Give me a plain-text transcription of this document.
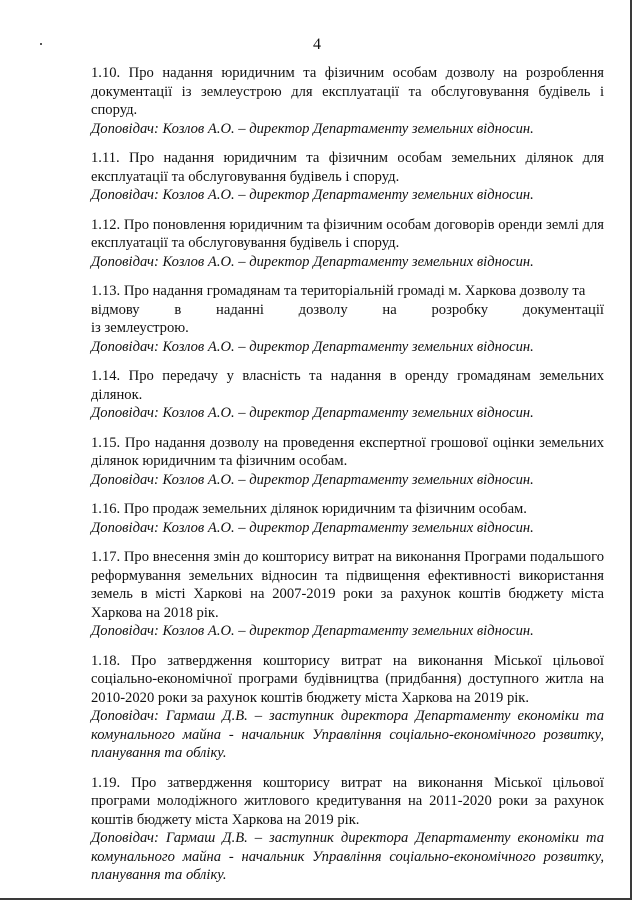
4

1.10. Про надання юридичним та фізичним особам дозволу на розроблення документації із землеустрою для експлуатації та обслуговування будівель і споруд.

Доповідач: Козлов А.О. – директор Департаменту земельних відносин.

1.11. Про надання юридичним та фізичним особам земельних ділянок для експлуатації та обслуговування будівель і споруд.

Доповідач: Козлов А.О. – директор Департаменту земельних відносин.

1.12. Про поновлення юридичним та фізичним особам договорів оренди землі для експлуатації та обслуговування будівель і споруд.

Доповідач: Козлов А.О. – директор Департаменту земельних відносин.

1.13. Про надання громадянам та територіальній громаді м. Харкова дозволу та

відмову в наданні дозволу на розробку документації

із землеустрою.

Доповідач: Козлов А.О. – директор Департаменту земельних відносин.

1.14. Про передачу у власність та надання в оренду громадянам земельних ділянок.

Доповідач: Козлов А.О. – директор Департаменту земельних відносин.

1.15. Про надання дозволу на проведення експертної грошової оцінки земельних ділянок юридичним та фізичним особам.

Доповідач: Козлов А.О. – директор Департаменту земельних відносин.

1.16. Про продаж земельних ділянок юридичним та фізичним особам.

Доповідач: Козлов А.О. – директор Департаменту земельних відносин.

1.17. Про внесення змін до кошторису витрат на виконання Програми подальшого реформування земельних відносин та підвищення ефективності використання земель в місті Харкові на 2007-2019 роки за рахунок коштів бюджету міста Харкова на 2018 рік.

Доповідач: Козлов А.О. – директор Департаменту земельних відносин.

1.18. Про затвердження кошторису витрат на виконання Міської цільової соціально-економічної програми будівництва (придбання) доступного житла на 2010-2020 роки за рахунок коштів бюджету міста Харкова на 2019 рік.

Доповідач: Гармаш Д.В. – заступник директора Департаменту економіки та комунального майна - начальник Управління соціально-економічного розвитку, планування та обліку.

1.19. Про затвердження кошторису витрат на виконання Міської цільової програми молодіжного житлового кредитування на 2011-2020 роки за рахунок коштів бюджету міста Харкова на 2019 рік.

Доповідач: Гармаш Д.В. – заступник директора Департаменту економіки та комунального майна - начальник Управління соціально-економічного розвитку, планування та обліку.
